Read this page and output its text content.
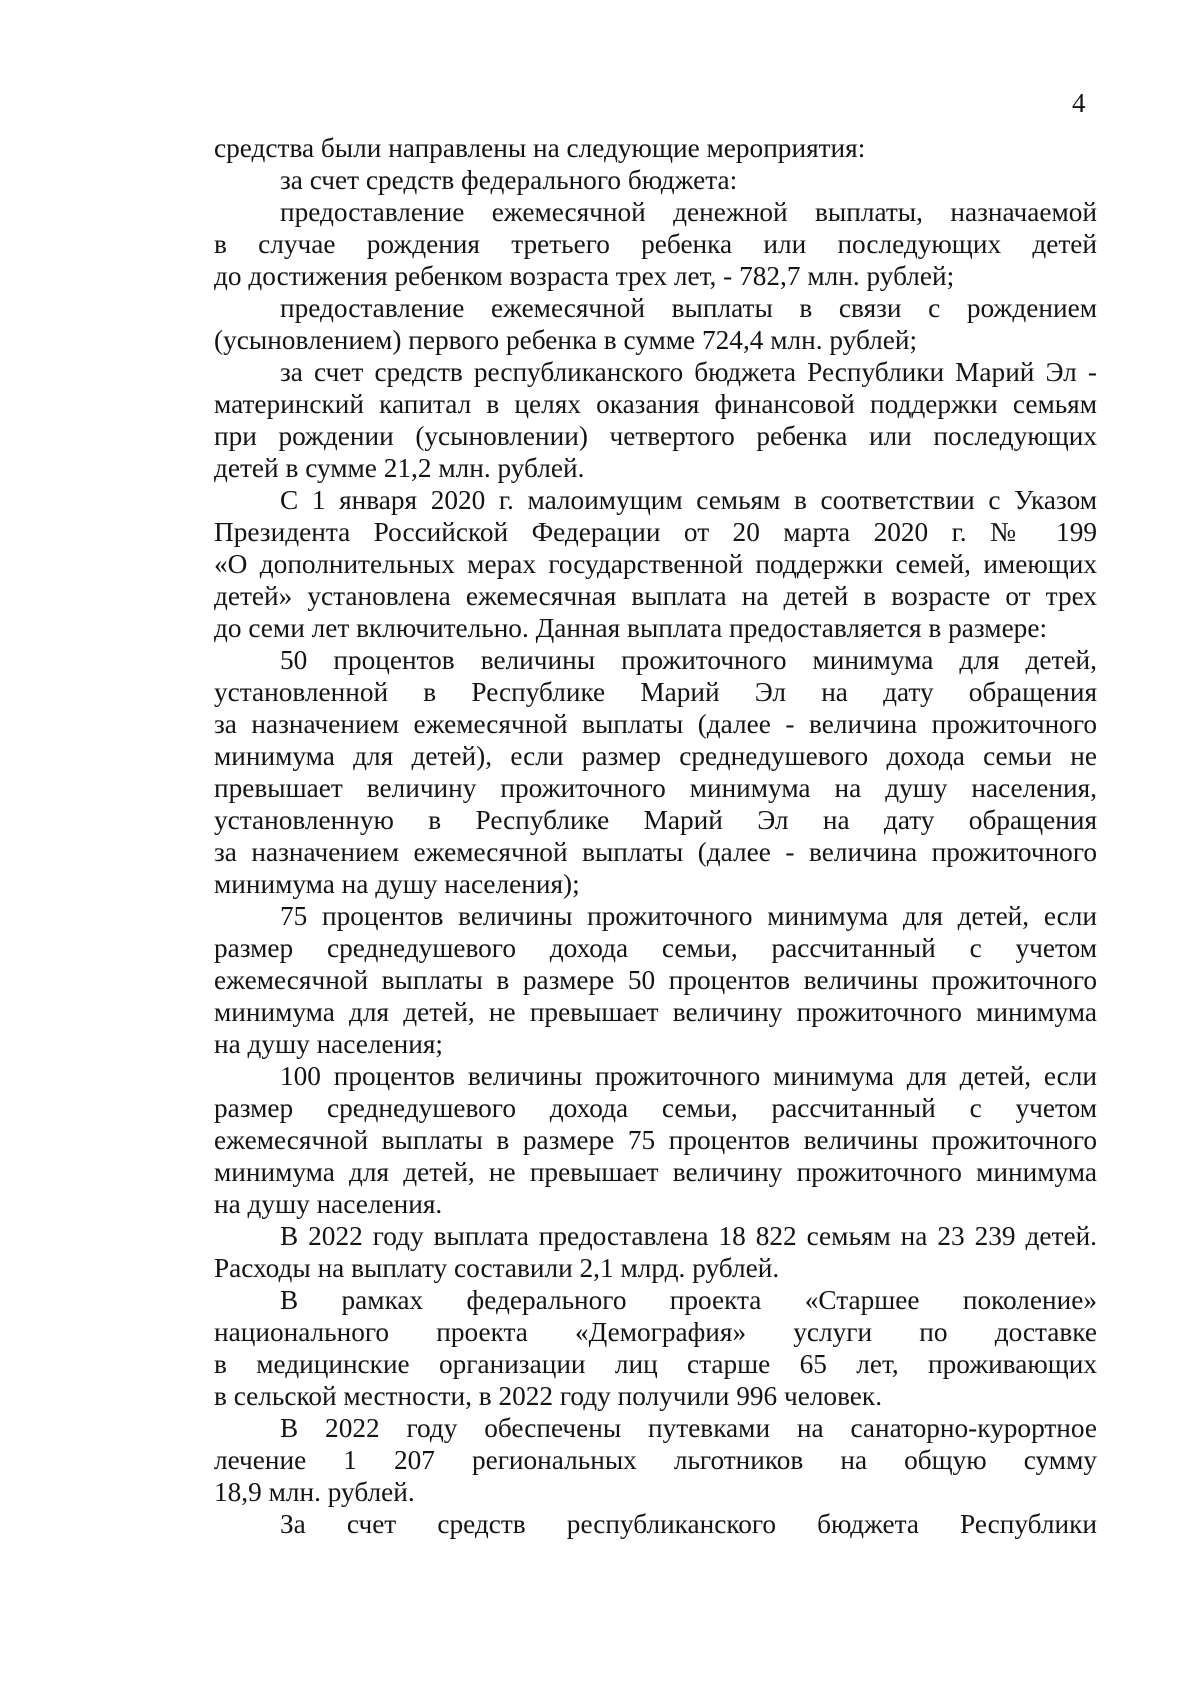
4
средства были направлены на следующие мероприятия:
за счет средств федерального бюджета:
предоставление ежемесячной денежной выплаты, назначаемой
в случае рождения третьего ребенка или последующих детей
до достижения ребенком возраста трех лет, - 782,7 млн. рублей;
предоставление ежемесячной выплаты в связи с рождением
(усыновлением) первого ребенка в сумме 724,4 млн. рублей;
за счет средств республиканского бюджета Республики Марий Эл -
материнский капитал в целях оказания финансовой поддержки семьям
при рождении (усыновлении) четвертого ребенка или последующих
детей в сумме 21,2 млн. рублей.
С 1 января 2020 г. малоимущим семьям в соответствии с Указом
Президента Российской Федерации от 20 марта 2020 г. № 199
«О дополнительных мерах государственной поддержки семей, имеющих
детей» установлена ежемесячная выплата на детей в возрасте от трех
до семи лет включительно. Данная выплата предоставляется в размере:
50 процентов величины прожиточного минимума для детей,
установленной в Республике Марий Эл на дату обращения
за назначением ежемесячной выплаты (далее - величина прожиточного
минимума для детей), если размер среднедушевого дохода семьи не
превышает величину прожиточного минимума на душу населения,
установленную в Республике Марий Эл на дату обращения
за назначением ежемесячной выплаты (далее - величина прожиточного
минимума на душу населения);
75 процентов величины прожиточного минимума для детей, если
размер среднедушевого дохода семьи, рассчитанный с учетом
ежемесячной выплаты в размере 50 процентов величины прожиточного
минимума для детей, не превышает величину прожиточного минимума
на душу населения;
100 процентов величины прожиточного минимума для детей, если
размер среднедушевого дохода семьи, рассчитанный с учетом
ежемесячной выплаты в размере 75 процентов величины прожиточного
минимума для детей, не превышает величину прожиточного минимума
на душу населения.
В 2022 году выплата предоставлена 18 822 семьям на 23 239 детей.
Расходы на выплату составили 2,1 млрд. рублей.
В рамках федерального проекта «Старшее поколение»
национального проекта «Демография» услуги по доставке
в медицинские организации лиц старше 65 лет, проживающих
в сельской местности, в 2022 году получили 996 человек.
В 2022 году обеспечены путевками на санаторно-курортное
лечение 1 207 региональных льготников на общую сумму
18,9 млн. рублей.
За счет средств республиканского бюджета Республики
